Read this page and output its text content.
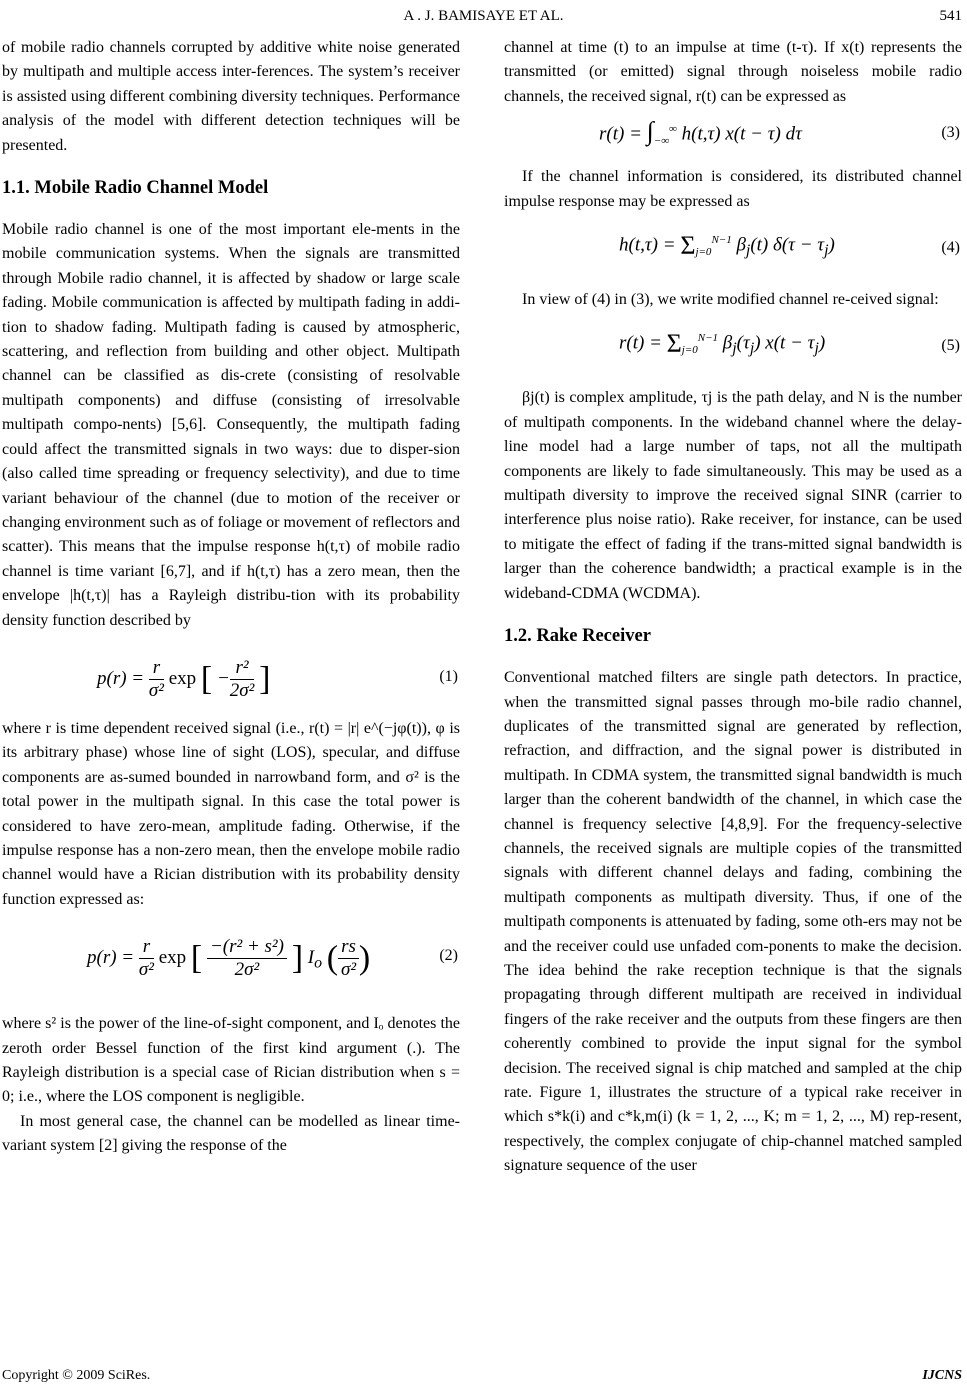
A . J. BAMISAYE ET AL.	541

of mobile radio channels corrupted by additive white noise generated by multipath and multiple access inter-ferences. The system’s receiver is assisted using different combining diversity techniques. Performance analysis of the model with different detection techniques will be presented.

1.1. Mobile Radio Channel Model

Mobile radio channel is one of the most important ele-ments in the mobile communication systems. When the signals are transmitted through Mobile radio channel, it is affected by shadow or large scale fading. Mobile communication is affected by multipath fading in addi-tion to shadow fading. Multipath fading is caused by atmospheric, scattering, and reflection from building and other object. Multipath channel can be classified as dis-crete (consisting of resolvable multipath components) and diffuse (consisting of irresolvable multipath compo-nents) [5,6]. Consequently, the multipath fading could affect the transmitted signals in two ways: due to disper-sion (also called time spreading or frequency selectivity), and due to time variant behaviour of the channel (due to motion of the receiver or changing environment such as of foliage or movement of reflectors and scatter). This means that the impulse response h(t,τ) of mobile radio channel is time variant [6,7], and if h(t,τ) has a zero mean, then the envelope |h(t,τ)| has a Rayleigh distribu-tion with its probability density function described by

$p(r) = \frac{r}{\text{σ²}}$ exp [ − $\frac{\text{r²}}{\text{2σ²}}$ ]	(1)

where r is time dependent received signal (i.e., r(t) = |r| e^(−jφ(t)), φ is its arbitrary phase) whose line of sight (LOS), specular, and diffuse components are as-sumed bounded in narrowband form, and σ² is the total power in the multipath signal. In this case the total power is considered to have zero-mean, amplitude fading. Otherwise, if the impulse response has a non-zero mean, then the envelope mobile radio channel would have a Rician distribution with its probability density function expressed as:

$p(r) = \frac{r}{\text{σ²}}$ exp [ $\frac{\text{−(r² + s²)}}{\text{2σ²}}$ ] $I_o$ ( $\frac{rs}{\text{σ²}}$ )	(2)

where s² is the power of the line-of-sight component, and Iₒ denotes the zeroth order Bessel function of the first kind argument (.). The Rayleigh distribution is a special case of Rician distribution when s = 0; i.e., where the LOS component is negligible.

In most general case, the channel can be modelled as linear time-variant system [2] giving the response of the

channel at time (t) to an impulse at time (t-τ). If x(t) represents the transmitted (or emitted) signal through noiseless mobile radio channels, the received signal, r(t) can be expressed as

$r(t) = \int_{-\infty}^\infty$ h(t,τ) x(t − τ) dτ	(3)

If the channel information is considered, its distributed channel impulse response may be expressed as

$h(t,\tau) = \Sigma_{j=0}^{N-1}$ $\beta_j(t) \delta(\tau - \tau_j)$	(4)

In view of (4) in (3), we write modified channel re-ceived signal:

$r(t) = \Sigma_{j=0}^{N-1}$ $\beta_j(\tau_j) x(t - \tau_j)$	(5)

βj(t) is complex amplitude, τj is the path delay, and N is the number of multipath components. In the wideband channel where the delay-line model had a large number of taps, not all the multipath components are likely to fade simultaneously. This may be used as a multipath diversity to improve the received signal SINR (carrier to interference plus noise ratio). Rake receiver, for instance, can be used to mitigate the effect of fading if the trans-mitted signal bandwidth is larger than the coherence bandwidth; a practical example is in the wideband-CDMA (WCDMA).

1.2. Rake Receiver

Conventional matched filters are single path detectors. In practice, when the transmitted signal passes through mo-bile radio channel, duplicates of the transmitted signal are generated by reflection, refraction, and diffraction, and the signal power is distributed in multipath. In CDMA system, the transmitted signal bandwidth is much larger than the coherent bandwidth of the channel, in which case the channel is frequency selective [4,8,9]. For the frequency-selective channels, the received signals are multiple copies of the transmitted signals with different channel delays and fading, combining the multipath components as multipath diversity. Thus, if one of the multipath components is attenuated by fading, some oth-ers may not be and the receiver could use unfaded com-ponents to make the decision. The idea behind the rake reception technique is that the signals propagating through different multipath are received in individual fingers of the rake receiver and the outputs from these fingers are then coherently combined to provide the input signal for the symbol decision. The received signal is chip matched and sampled at the chip rate. Figure 1, illustrates the structure of a typical rake receiver in which s*k(i) and c*k,m(i) (k = 1, 2, ..., K; m = 1, 2, ..., M) rep-resent, respectively, the complex conjugate of chip-channel matched sampled signature sequence of the user

Copyright © 2009 SciRes.	IJCNS
